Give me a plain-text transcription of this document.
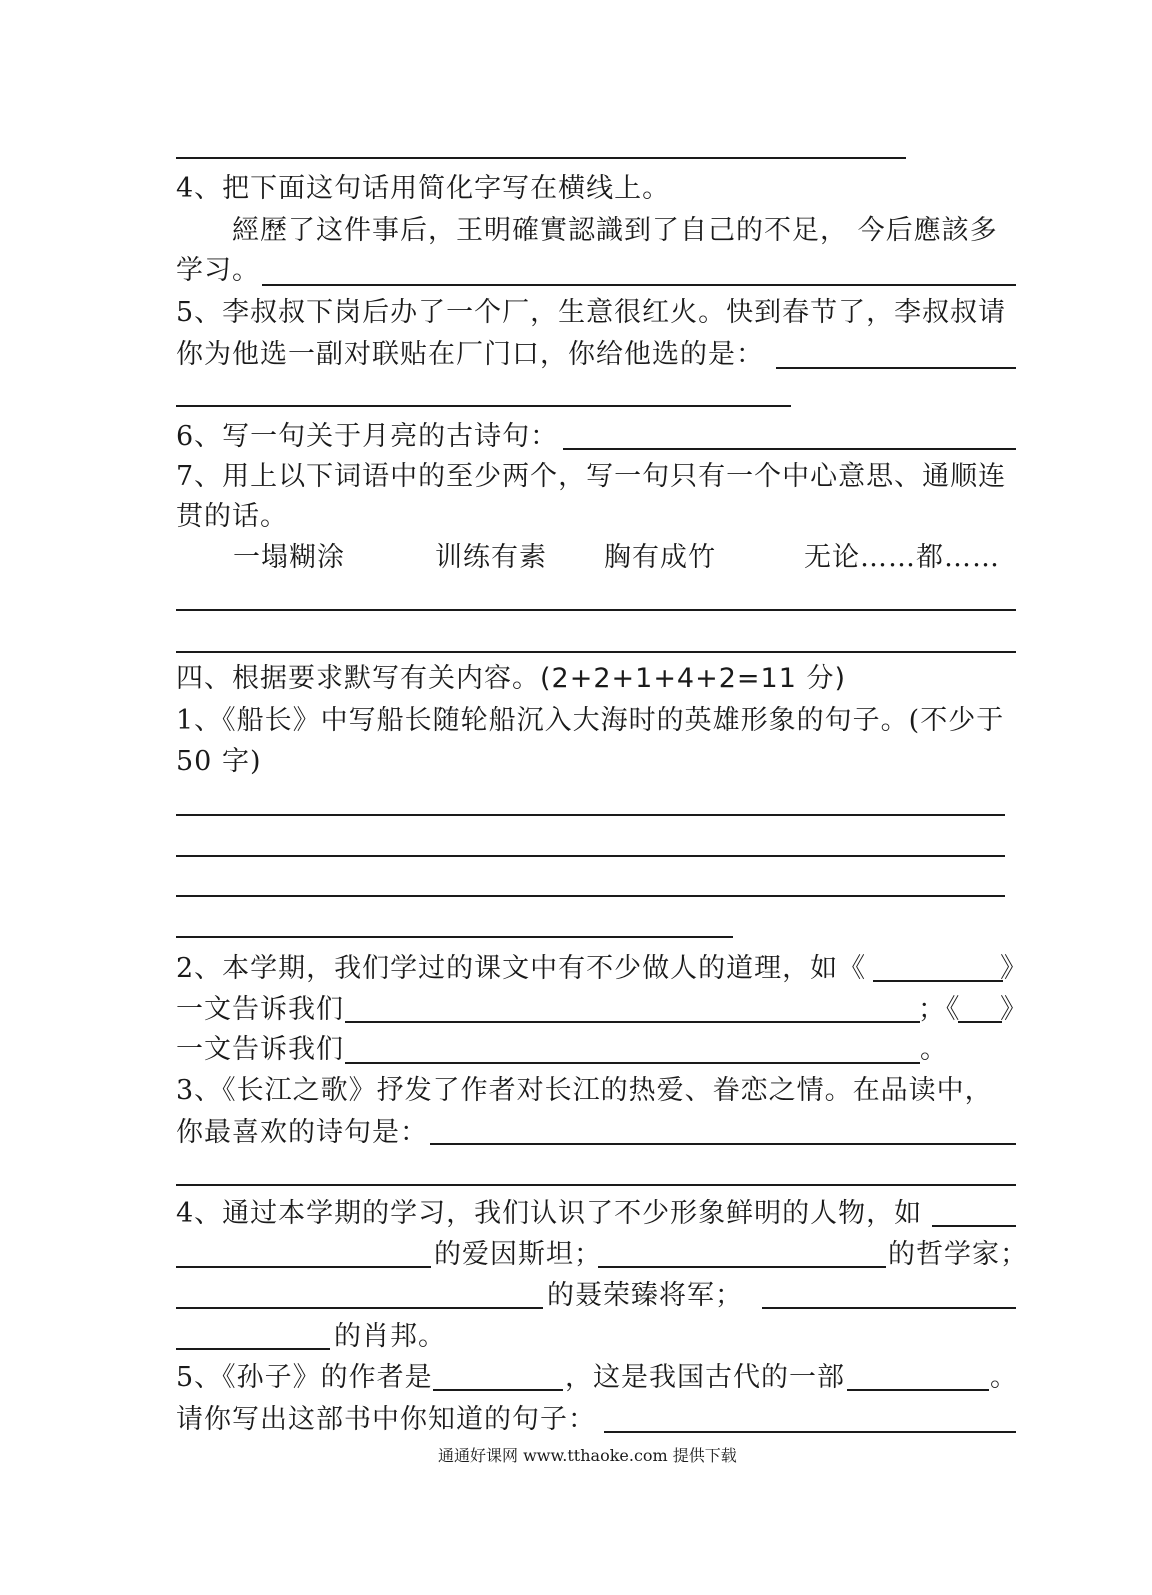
4、把下面这句话用简化字写在横线上。
經歷了这件事后，王明確實認識到了自己的不足， 今后應該多
学习。
5、李叔叔下岗后办了一个厂，生意很红火。快到春节了，李叔叔请
你为他选一副对联贴在厂门口，你给他选的是：
6、写一句关于月亮的古诗句：
7、用上以下词语中的至少两个，写一句只有一个中心意思、通顺连
贯的话。
一塌糊涂	训练有素 胸有成竹	无论……都……
四、根据要求默写有关内容。(2+2+1+4+2=11 分)
1、《船长》中写船长随轮船沉入大海时的英雄形象的句子。(不少于
50 字)
2、本学期，我们学过的课文中有不少做人的道理，如《	》
一文告诉我们	；《 》
一文告诉我们	。
3、《长江之歌》抒发了作者对长江的热爱、眷恋之情。在品读中，
你最喜欢的诗句是：
4、通过本学期的学习，我们认识了不少形象鲜明的人物，如
的爱因斯坦；	的哲学家；
的聂荣臻将军；
的肖邦。
5、《孙子》的作者是	，这是我国古代的一部	。
请你写出这部书中你知道的句子：
通通好课网 www.tthaoke.com 提供下载
